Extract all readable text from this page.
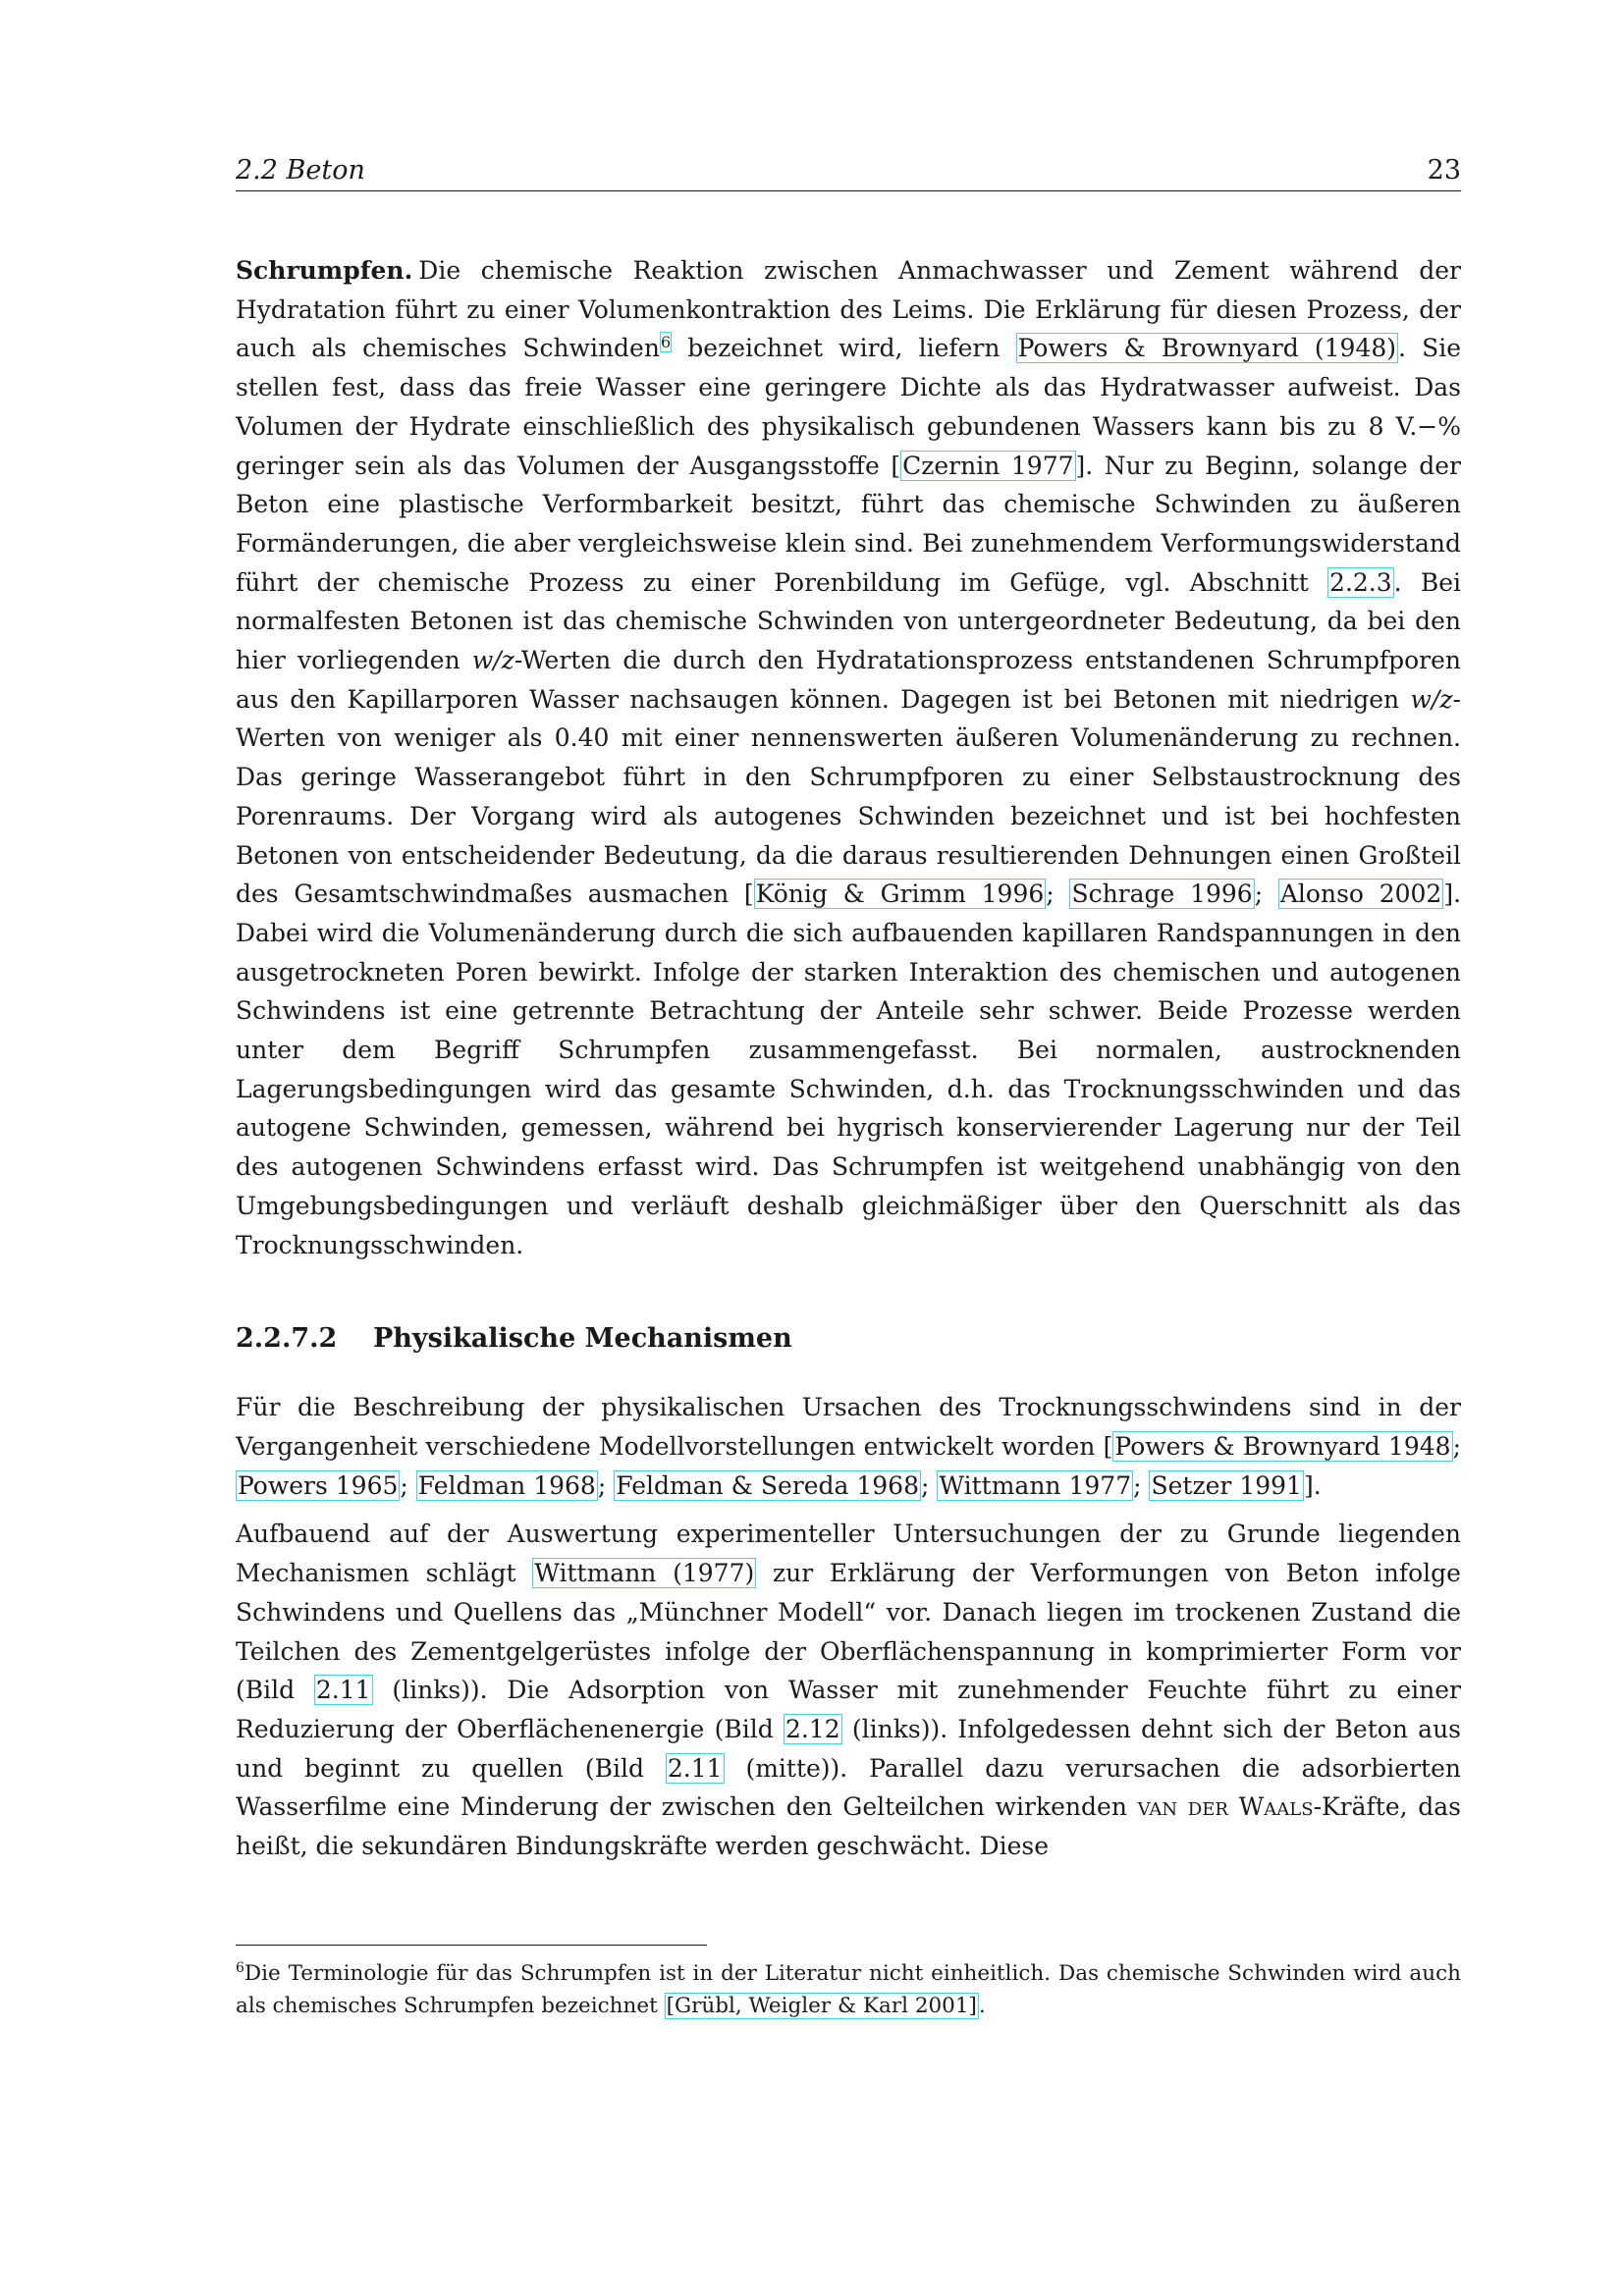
2.2 Beton	23

Schrumpfen. Die chemische Reaktion zwischen Anmachwasser und Zement während der Hydratation führt zu einer Volumenkontraktion des Leims. Die Erklärung für diesen Prozess, der auch als chemisches Schwinden$^6$ bezeichnet wird, liefern Powers & Brownyard (1948). Sie stellen fest, dass das freie Wasser eine geringere Dichte als das Hydratwasser aufweist. Das Volumen der Hydrate einschließlich des physikalisch gebundenen Wassers kann bis zu 8 V.−% geringer sein als das Volumen der Ausgangsstoffe [Czernin 1977]. Nur zu Beginn, solange der Beton eine plastische Verformbarkeit besitzt, führt das chemische Schwinden zu äußeren Formänderungen, die aber vergleichsweise klein sind. Bei zunehmendem Verformungswiderstand führt der chemische Prozess zu einer Porenbildung im Gefüge, vgl. Abschnitt 2.2.3. Bei normalfesten Betonen ist das chemische Schwinden von untergeordneter Bedeutung, da bei den hier vorliegenden w/z-Werten die durch den Hydratationsprozess entstandenen Schrumpfporen aus den Kapillarporen Wasser nachsaugen können. Dagegen ist bei Betonen mit niedrigen w/z-Werten von weniger als 0.40 mit einer nennenswerten äußeren Volumenänderung zu rechnen. Das geringe Wasserangebot führt in den Schrumpfporen zu einer Selbstaustrocknung des Porenraums. Der Vorgang wird als autogenes Schwinden bezeichnet und ist bei hochfesten Betonen von entscheidender Bedeutung, da die daraus resultierenden Dehnungen einen Großteil des Gesamtschwindmaßes ausmachen [König & Grimm 1996; Schrage 1996; Alonso 2002]. Dabei wird die Volumenänderung durch die sich aufbauenden kapillaren Randspannungen in den ausgetrockneten Poren bewirkt. Infolge der starken Interaktion des chemischen und autogenen Schwindens ist eine getrennte Betrachtung der Anteile sehr schwer. Beide Prozesse werden unter dem Begriff Schrumpfen zusammengefasst. Bei normalen, austrocknenden Lagerungsbedingungen wird das gesamte Schwinden, d.h. das Trocknungsschwinden und das autogene Schwinden, gemessen, während bei hygrisch konservierender Lagerung nur der Teil des autogenen Schwindens erfasst wird. Das Schrumpfen ist weitgehend unabhängig von den Umgebungsbedingungen und verläuft deshalb gleichmäßiger über den Querschnitt als das Trocknungsschwinden.

2.2.7.2	Physikalische Mechanismen

Für die Beschreibung der physikalischen Ursachen des Trocknungsschwindens sind in der Vergangenheit verschiedene Modellvorstellungen entwickelt worden [Powers & Brownyard 1948; Powers 1965; Feldman 1968; Feldman & Sereda 1968; Wittmann 1977; Setzer 1991].

Aufbauend auf der Auswertung experimenteller Untersuchungen der zu Grunde liegenden Mechanismen schlägt Wittmann (1977) zur Erklärung der Verformungen von Beton infolge Schwindens und Quellens das „Münchner Modell“ vor. Danach liegen im trockenen Zustand die Teilchen des Zementgelgerüstes infolge der Oberflächenspannung in komprimierter Form vor (Bild 2.11 (links)). Die Adsorption von Wasser mit zunehmender Feuchte führt zu einer Reduzierung der Oberflächenenergie (Bild 2.12 (links)). Infolgedessen dehnt sich der Beton aus und beginnt zu quellen (Bild 2.11 (mitte)). Parallel dazu verursachen die adsorbierten Wasserfilme eine Minderung der zwischen den Gelteilchen wirkenden van der Waals-Kräfte, das heißt, die sekundären Bindungskräfte werden geschwächt. Diese

$^6$Die Terminologie für das Schrumpfen ist in der Literatur nicht einheitlich. Das chemische Schwinden wird auch als chemisches Schrumpfen bezeichnet [Grübl, Weigler & Karl 2001].
